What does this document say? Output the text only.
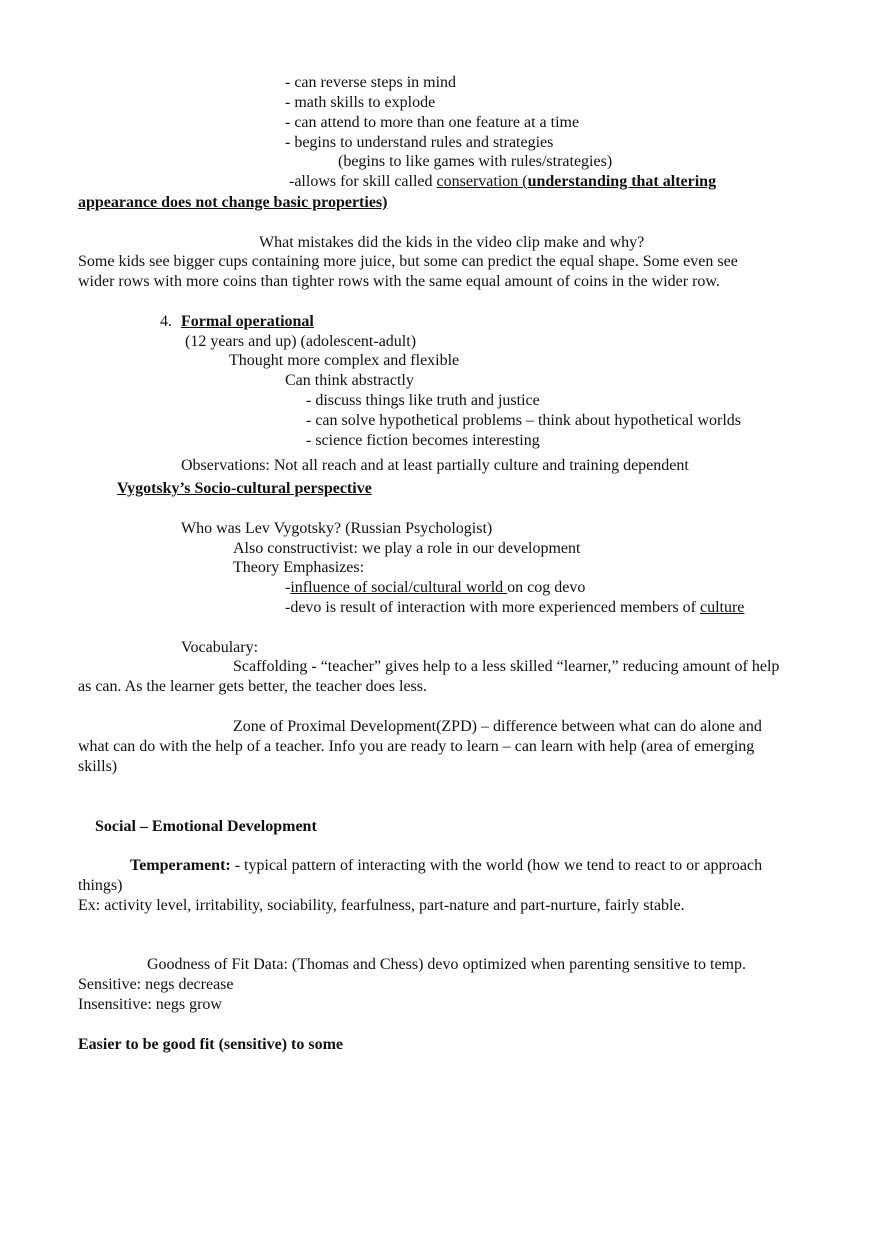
- can reverse steps in mind
- math skills to explode
- can attend to more than one feature at a time
- begins to understand rules and strategies
(begins to like games with rules/strategies)
-allows for skill called conservation (understanding that altering
appearance does not change basic properties)
What mistakes did the kids in the video clip make and why?
Some kids see bigger cups containing more juice, but some can predict the equal shape. Some even see
wider rows with more coins than tighter rows with the same equal amount of coins in the wider row.
4. Formal operational
(12 years and up) (adolescent-adult)
Thought more complex and flexible
Can think abstractly
- discuss things like truth and justice
- can solve hypothetical problems – think about hypothetical worlds
- science fiction becomes interesting
Observations: Not all reach and at least partially culture and training dependent
Vygotsky’s Socio-cultural perspective
Who was Lev Vygotsky? (Russian Psychologist)
Also constructivist: we play a role in our development
Theory Emphasizes:
-influence of social/cultural world on cog devo
-devo is result of interaction with more experienced members of culture
Vocabulary:
Scaffolding - “teacher” gives help to a less skilled “learner,” reducing amount of help
as can. As the learner gets better, the teacher does less.
Zone of Proximal Development(ZPD) – difference between what can do alone and
what can do with the help of a teacher. Info you are ready to learn – can learn with help (area of emerging
skills)
Social – Emotional Development
Temperament: - typical pattern of interacting with the world (how we tend to react to or approach
things)
Ex: activity level, irritability, sociability, fearfulness, part-nature and part-nurture, fairly stable.
Goodness of Fit Data: (Thomas and Chess) devo optimized when parenting sensitive to temp.
Sensitive: negs decrease
Insensitive: negs grow
Easier to be good fit (sensitive) to some
